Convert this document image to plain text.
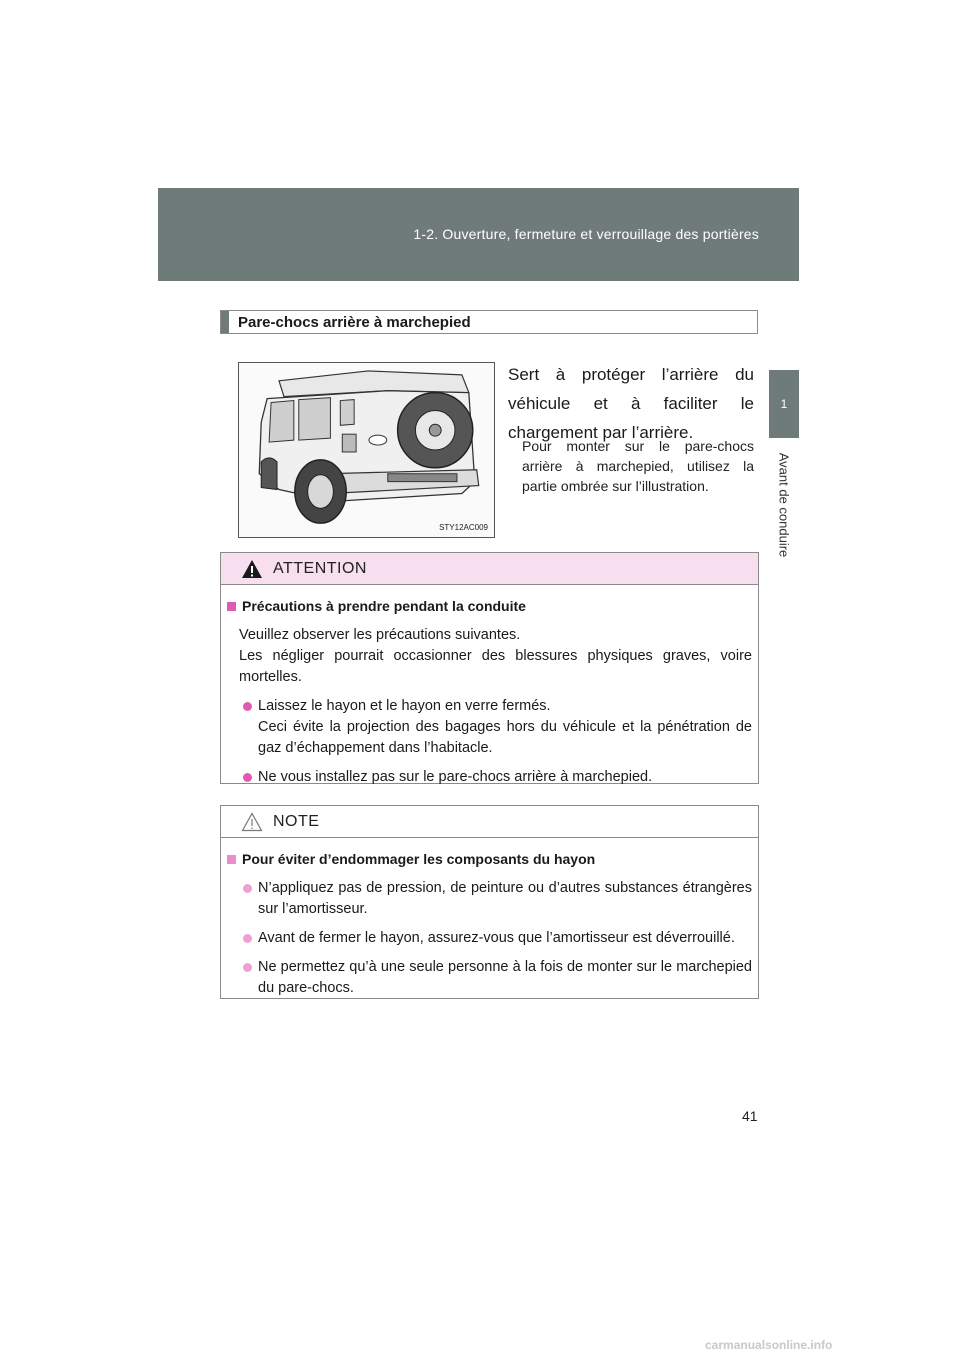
1-2. Ouverture, fermeture et verrouillage des portières
1
Avant de conduire
Pare-chocs arrière à marchepied
STY12AC009
Sert à protéger l’arrière du véhicule et à faciliter le chargement par l’arrière.
Pour monter sur le pare-chocs arrière à marchepied, utilisez la partie ombrée sur l’illustration.
ATTENTION
Précautions à prendre pendant la conduite
Veuillez observer les précautions suivantes.
Les négliger pourrait occasionner des blessures physiques graves, voire mortelles.
Laissez le hayon et le hayon en verre fermés.
Ceci évite la projection des bagages hors du véhicule et la pénétration de gaz d’échappement dans l’habitacle.
Ne vous installez pas sur le pare-chocs arrière à marchepied.
NOTE
Pour éviter d’endommager les composants du hayon
N’appliquez pas de pression, de peinture ou d’autres substances étrangères sur l’amortisseur.
Avant de fermer le hayon, assurez-vous que l’amortisseur est déverrouillé.
Ne permettez qu’à une seule personne à la fois de monter sur le marchepied du pare-chocs.
41
carmanualsonline.info
